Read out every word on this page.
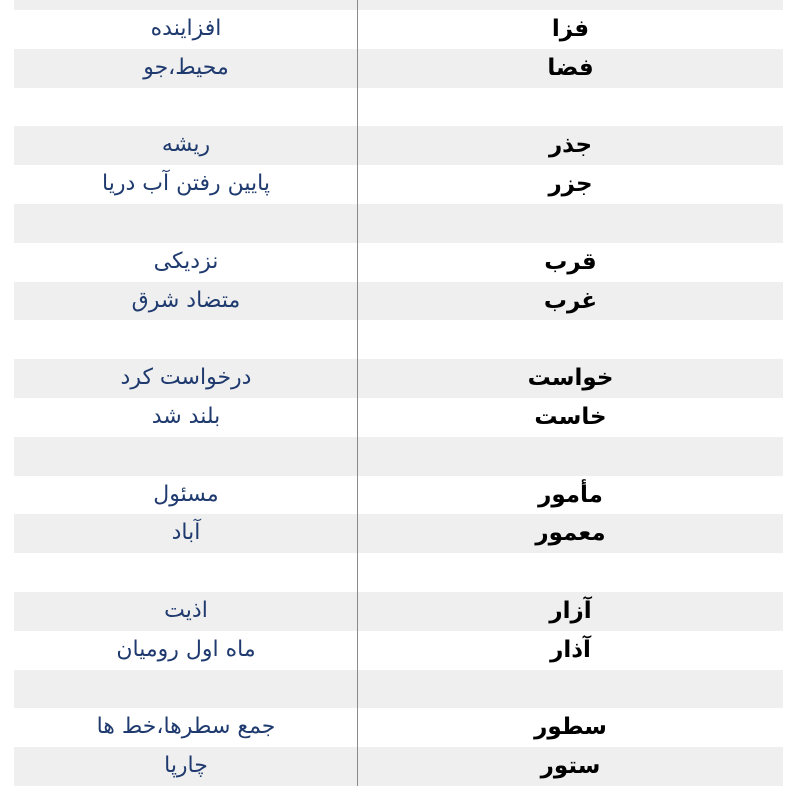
فزا
افزاینده
فضا
محیط،جو
جذر
ریشه
جزر
پایین رفتن آب دریا
قرب
نزدیکی
غرب
متضاد شرق
خواست
درخواست کرد
خاست
بلند شد
مأمور
مسئول
معمور
آباد
آزار
اذیت
آذار
ماه اول رومیان
سطور
جمع سطرها،خط ها
ستور
چارپا
